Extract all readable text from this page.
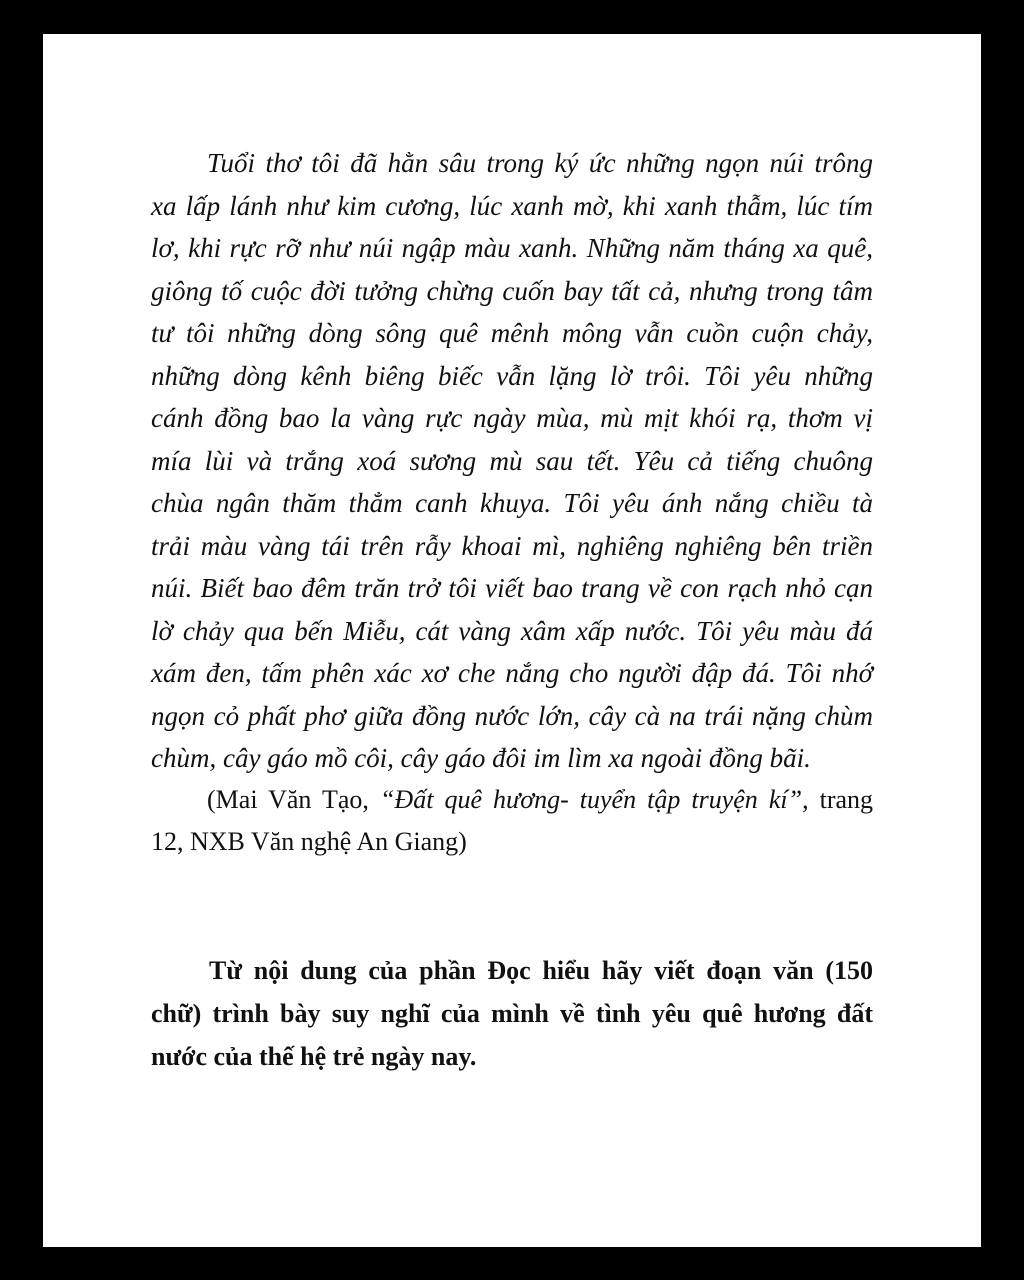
Tuổi thơ tôi đã hằn sâu trong ký ức những ngọn núi trông
xa lấp lánh như kim cương, lúc xanh mờ, khi xanh thẫm, lúc tím
lơ, khi rực rỡ như núi ngập màu xanh. Những năm tháng xa quê,
giông tố cuộc đời tưởng chừng cuốn bay tất cả, nhưng trong tâm
tư tôi những dòng sông quê mênh mông vẫn cuồn cuộn chảy,
những dòng kênh biêng biếc vẫn lặng lờ trôi. Tôi yêu những
cánh đồng bao la vàng rực ngày mùa, mù mịt khói rạ, thơm vị
mía lùi và trắng xoá sương mù sau tết. Yêu cả tiếng chuông
chùa ngân thăm thẳm canh khuya. Tôi yêu ánh nắng chiều tà
trải màu vàng tái trên rẫy khoai mì, nghiêng nghiêng bên triền
núi. Biết bao đêm trăn trở tôi viết bao trang về con rạch nhỏ cạn
lờ chảy qua bến Miễu, cát vàng xâm xấp nước. Tôi yêu màu đá
xám đen, tấm phên xác xơ che nắng cho người đập đá. Tôi nhớ
ngọn cỏ phất phơ giữa đồng nước lớn, cây cà na trái nặng chùm
chùm, cây gáo mồ côi, cây gáo đôi im lìm xa ngoài đồng bãi.
(Mai Văn Tạo, “Đất quê hương- tuyển tập truyện kí”, trang
12, NXB Văn nghệ An Giang)
Từ nội dung của phần Đọc hiểu hãy viết đoạn văn (150
chữ) trình bày suy nghĩ của mình về tình yêu quê hương đất
nước của thế hệ trẻ ngày nay.
